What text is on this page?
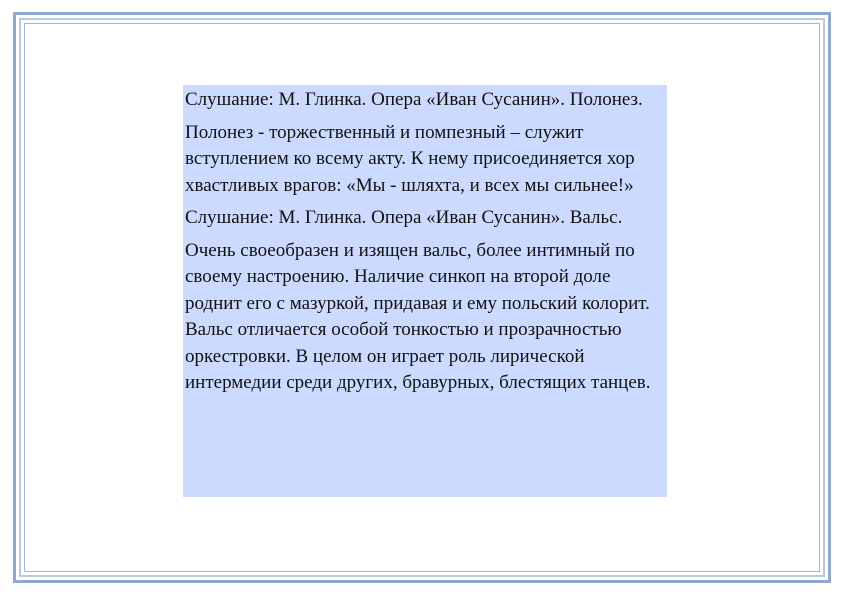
Слушание: М. Глинка. Опера «Иван Сусанин». Полонез.

Полонез - торжественный и помпезный – служит вступлением ко всему акту. К нему присоединяется хор хвастливых врагов: «Мы - шляхта, и всех мы сильнее!»

Слушание: М. Глинка. Опера «Иван Сусанин». Вальс.

Очень своеобразен и изящен вальс, более интимный по своему настроению. Наличие синкоп на второй доле роднит его с мазуркой, придавая и ему польский колорит. Вальс отличается особой тонкостью и прозрачностью оркестровки. В целом он играет роль лирической интермедии среди других, бравурных, блестящих танцев.
